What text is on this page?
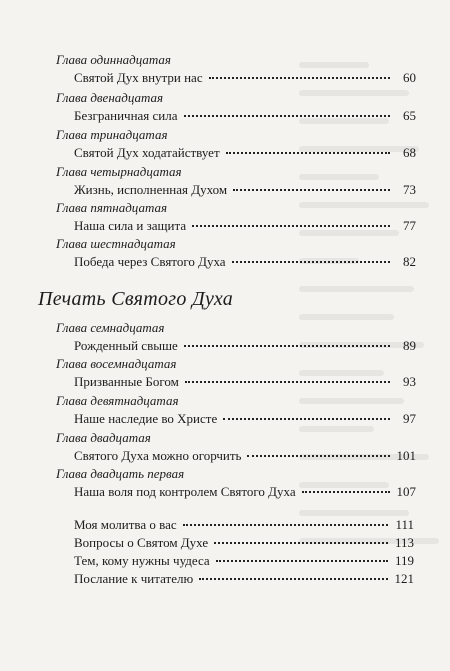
Глава одиннадцатая
Святой Дух внутри нас	60
Глава двенадцатая
Безграничная сила	65
Глава тринадцатая
Святой Дух ходатайствует	68
Глава четырнадцатая
Жизнь, исполненная Духом	73
Глава пятнадцатая
Наша сила и защита	77
Глава шестнадцатая
Победа через Святого Духа	82
Печать Святого Духа
Глава семнадцатая
Рожденный свыше	89
Глава восемнадцатая
Призванные Богом	93
Глава девятнадцатая
Наше наследие во Христе	97
Глава двадцатая
Святого Духа можно огорчить	101
Глава двадцать первая
Наша воля под контролем Святого Духа	107
Моя молитва о вас	111
Вопросы о Святом Духе	113
Тем, кому нужны чудеса	119
Послание к читателю	121
